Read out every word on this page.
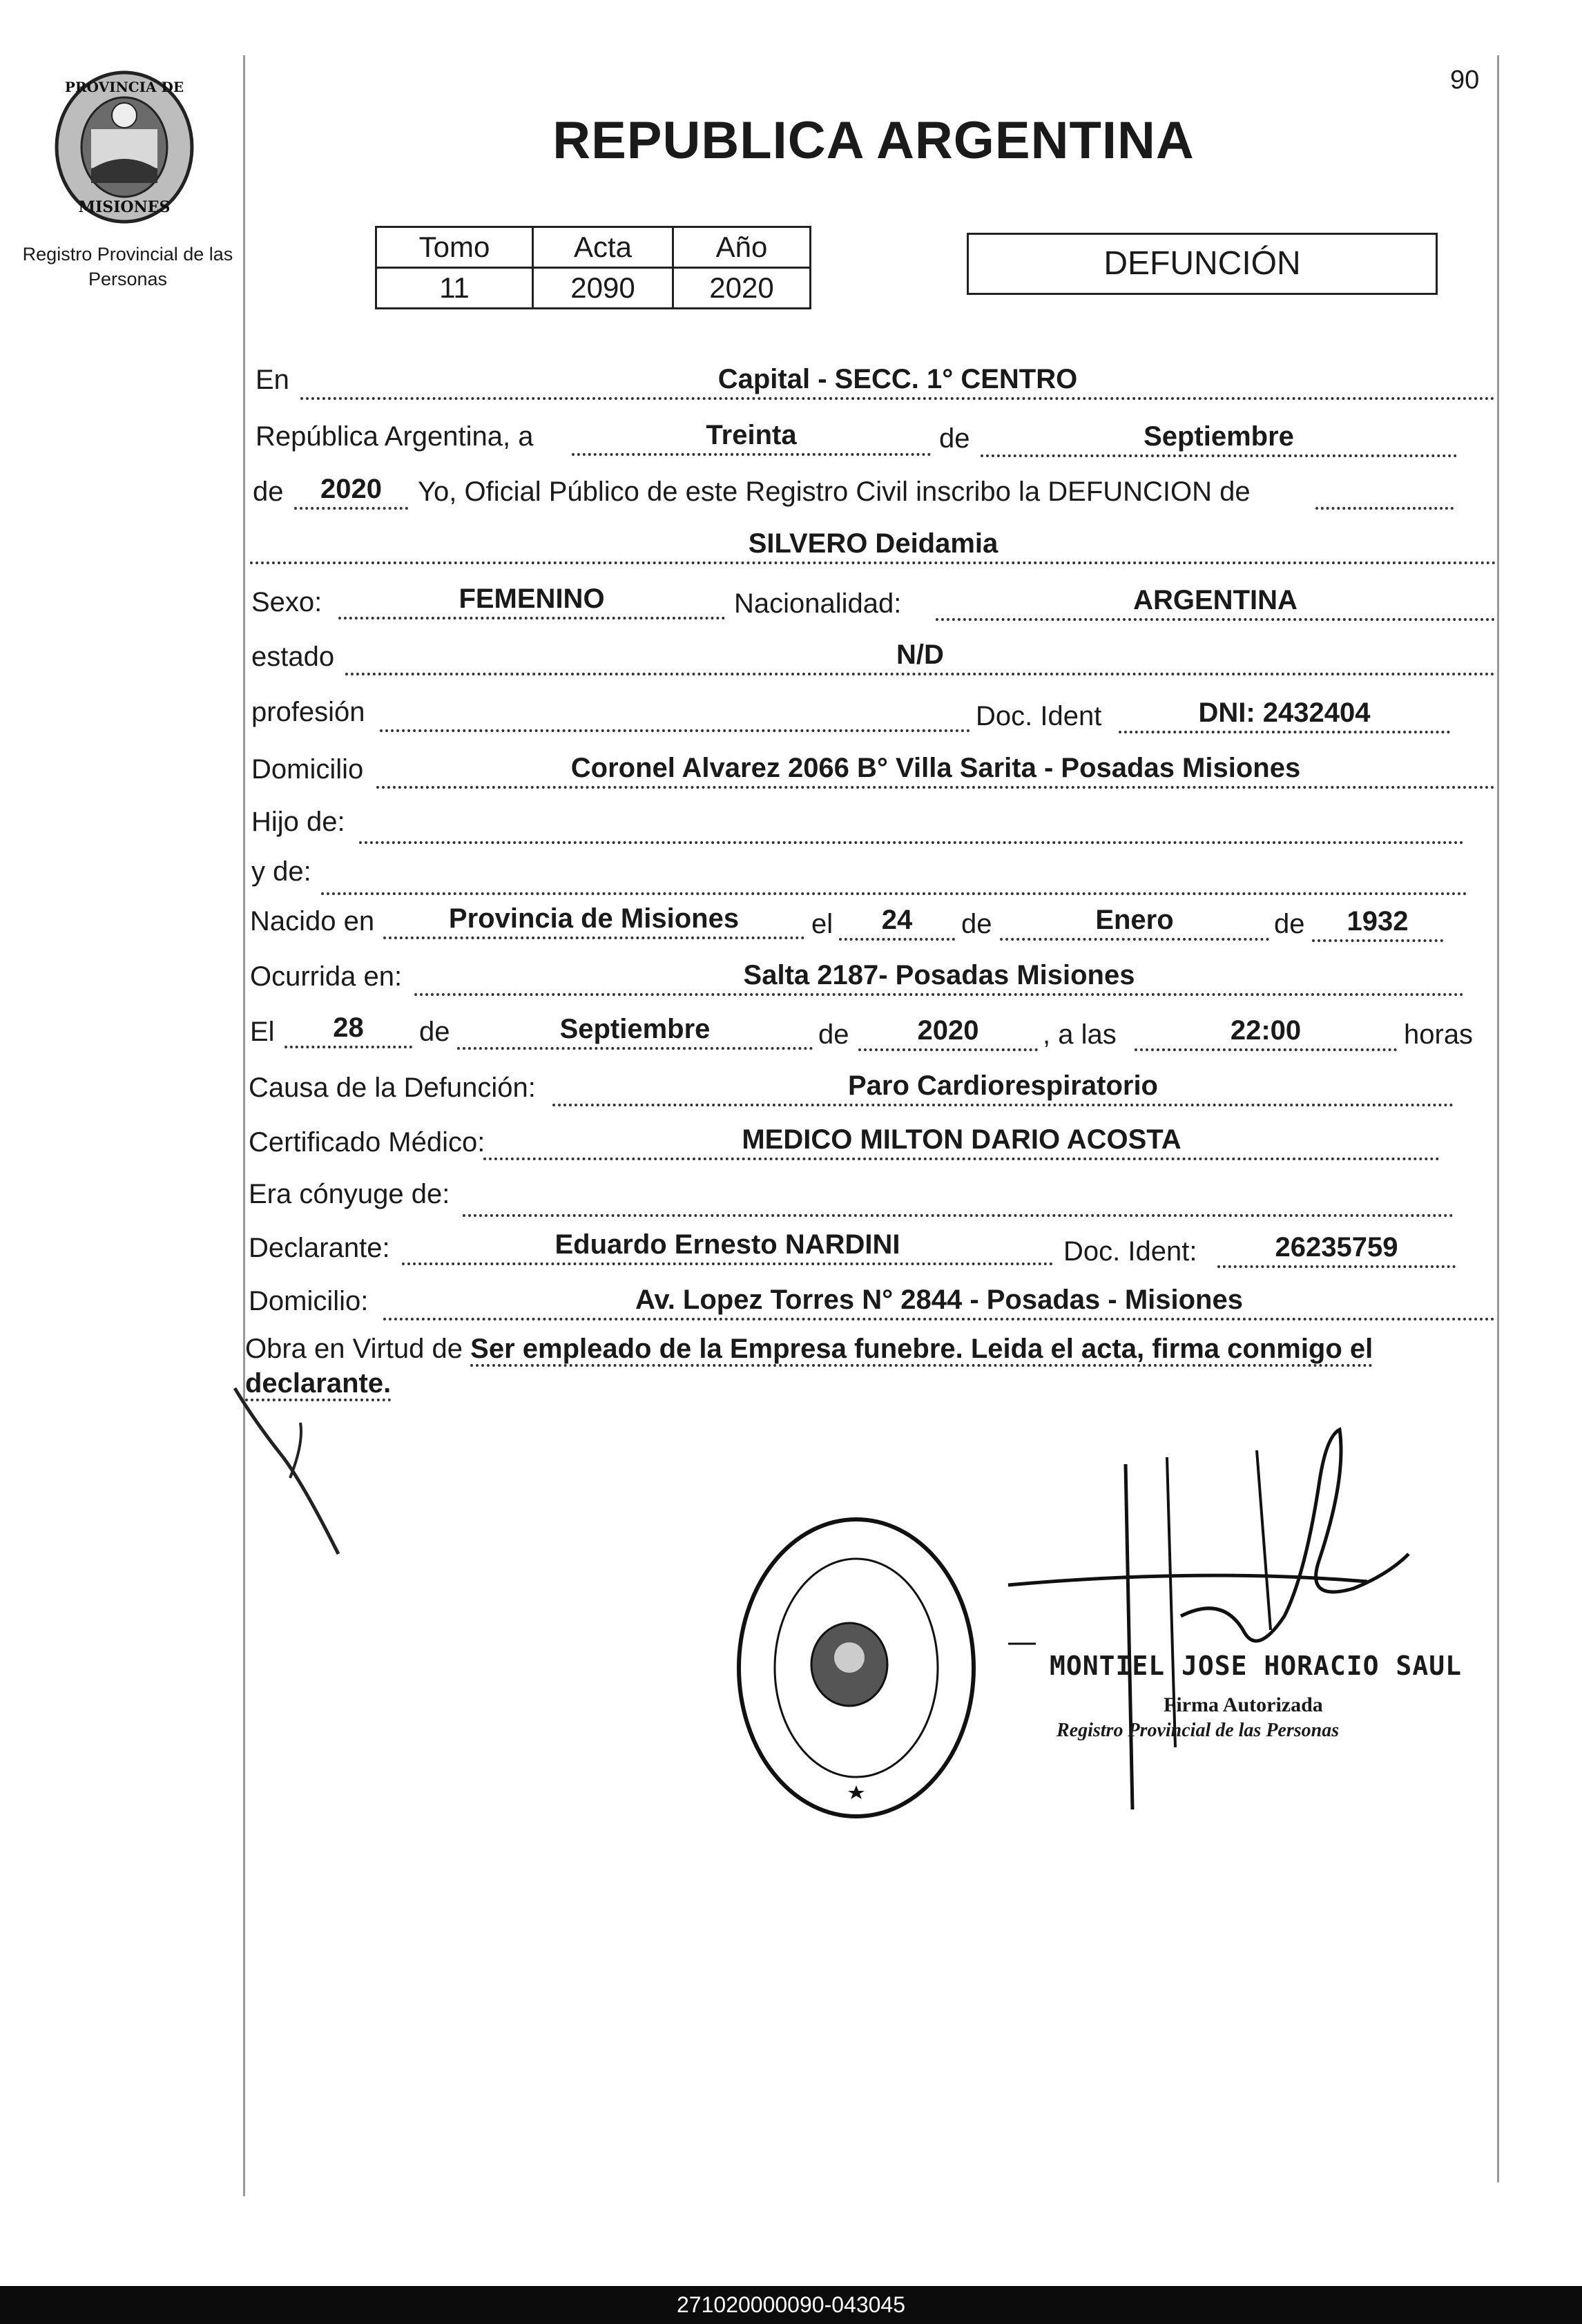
PROVINCIA DE
MISIONES
Registro Provincial de las Personas
90
REPUBLICA ARGENTINA
Tomo	Acta	Año
11	2090	2020
DEFUNCIÓN
En	Capital - SECC. 1° CENTRO
República Argentina, a	Treinta	de	Septiembre
de	2020	Yo, Oficial Público de este Registro Civil inscribo la DEFUNCION de
SILVERO Deidamia
Sexo:	FEMENINO	Nacionalidad:	ARGENTINA
estado	N/D
profesión	Doc. Ident	DNI: 2432404
Domicilio	Coronel Alvarez 2066 B° Villa Sarita - Posadas Misiones
Hijo de:
y de:
Nacido en	Provincia de Misiones	el	24	de	Enero	de	1932
Ocurrida en:	Salta 2187- Posadas Misiones
El	28	de	Septiembre	de	2020	, a las	22:00	horas
Causa de la Defunción:	Paro Cardiorespiratorio
Certificado Médico:	MEDICO MILTON DARIO ACOSTA
Era cónyuge de:
Declarante:	Eduardo Ernesto NARDINI	Doc. Ident:	26235759
Domicilio:	Av. Lopez Torres N° 2844 - Posadas - Misiones
Obra en Virtud de Ser empleado de la Empresa funebre. Leida el acta, firma conmigo el declarante.
MONTIEL JOSE HORACIO SAUL
Firma Autorizada
Registro Provincial de las Personas
271020000090-043045
